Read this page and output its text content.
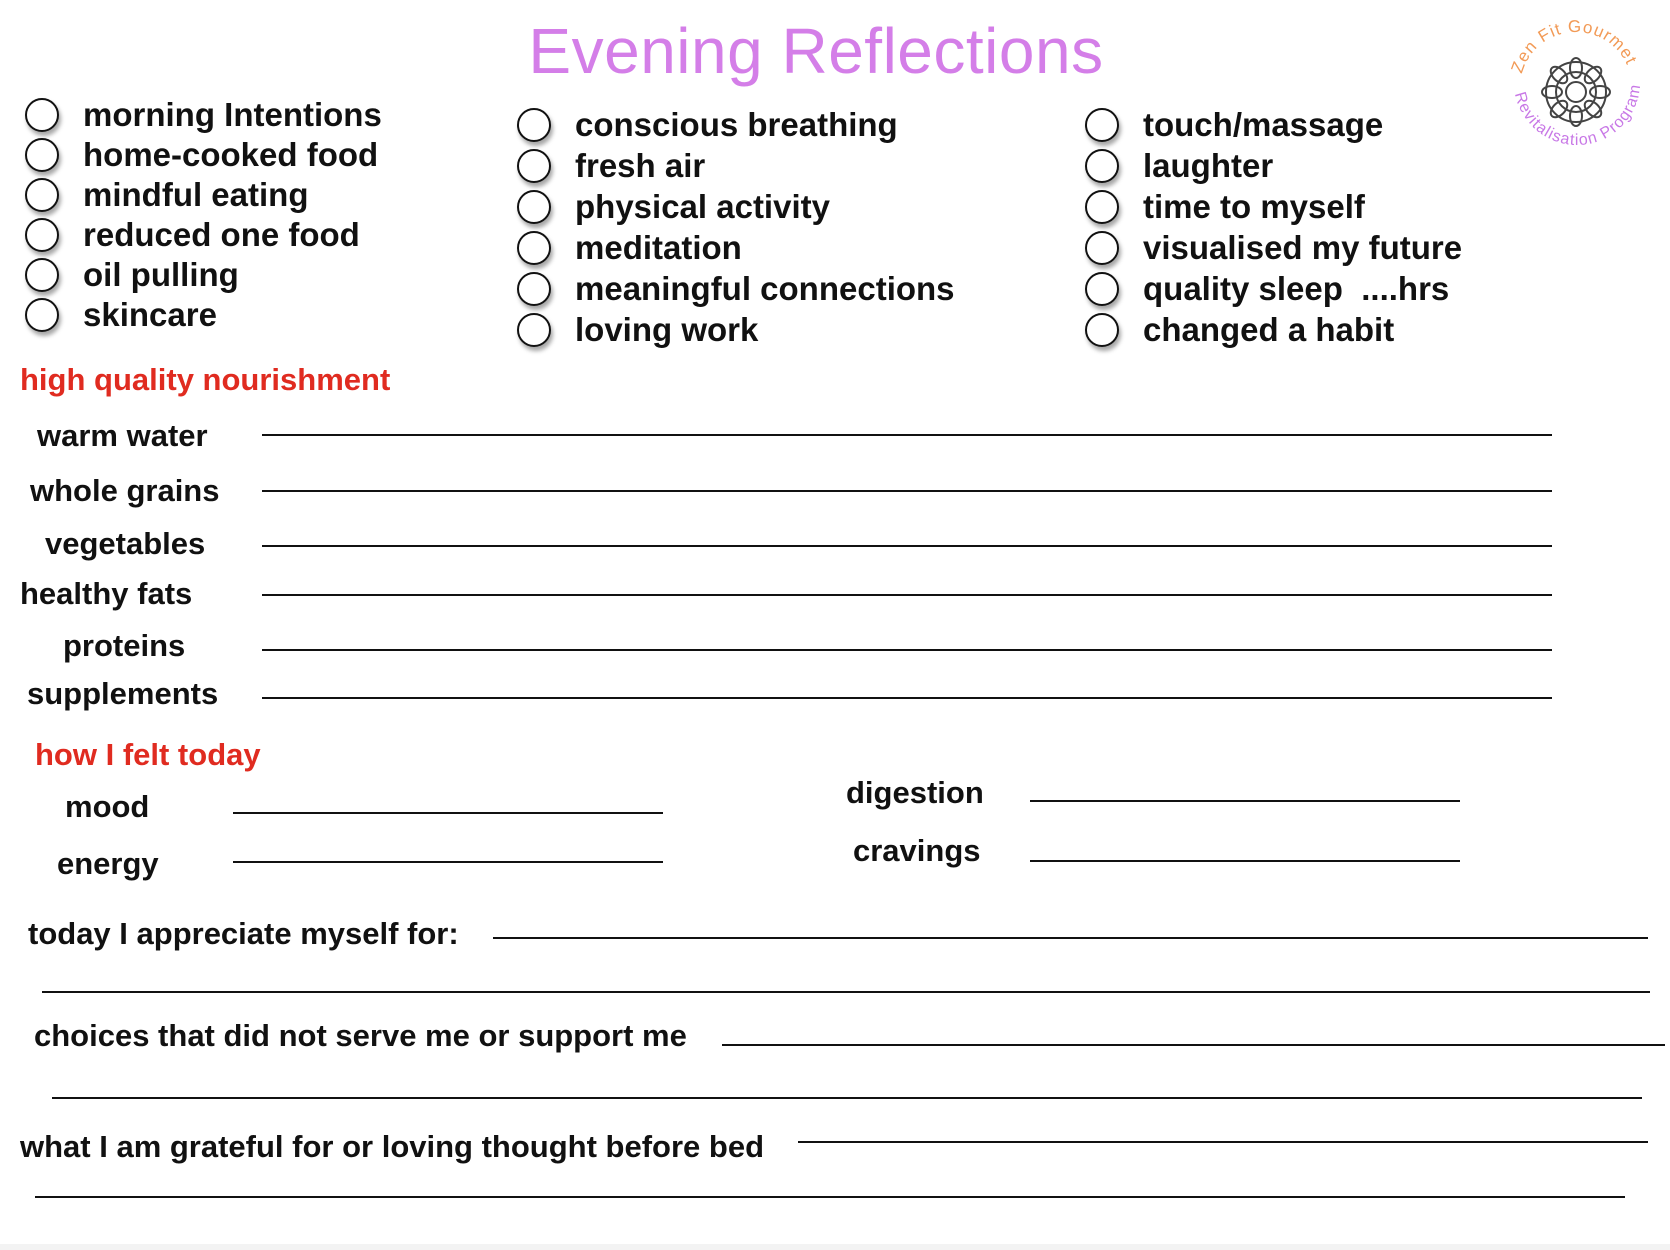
Evening Reflections	Zen Fit Gourmet
Revitalisation Program
morning Intentions
home-cooked food
mindful eating
reduced one food
oil pulling
skincare
conscious breathing
fresh air
physical activity
meditation
meaningful connections
loving work
touch/massage
laughter
time to myself
visualised my future
quality sleep  ....hrs
changed a habit
high quality nourishment
warm water
whole grains
vegetables
healthy fats
proteins
supplements
how I felt today
mood
energy
digestion
cravings
today I appreciate myself for:
choices that did not serve me or support me
what I am grateful for or loving thought before bed
